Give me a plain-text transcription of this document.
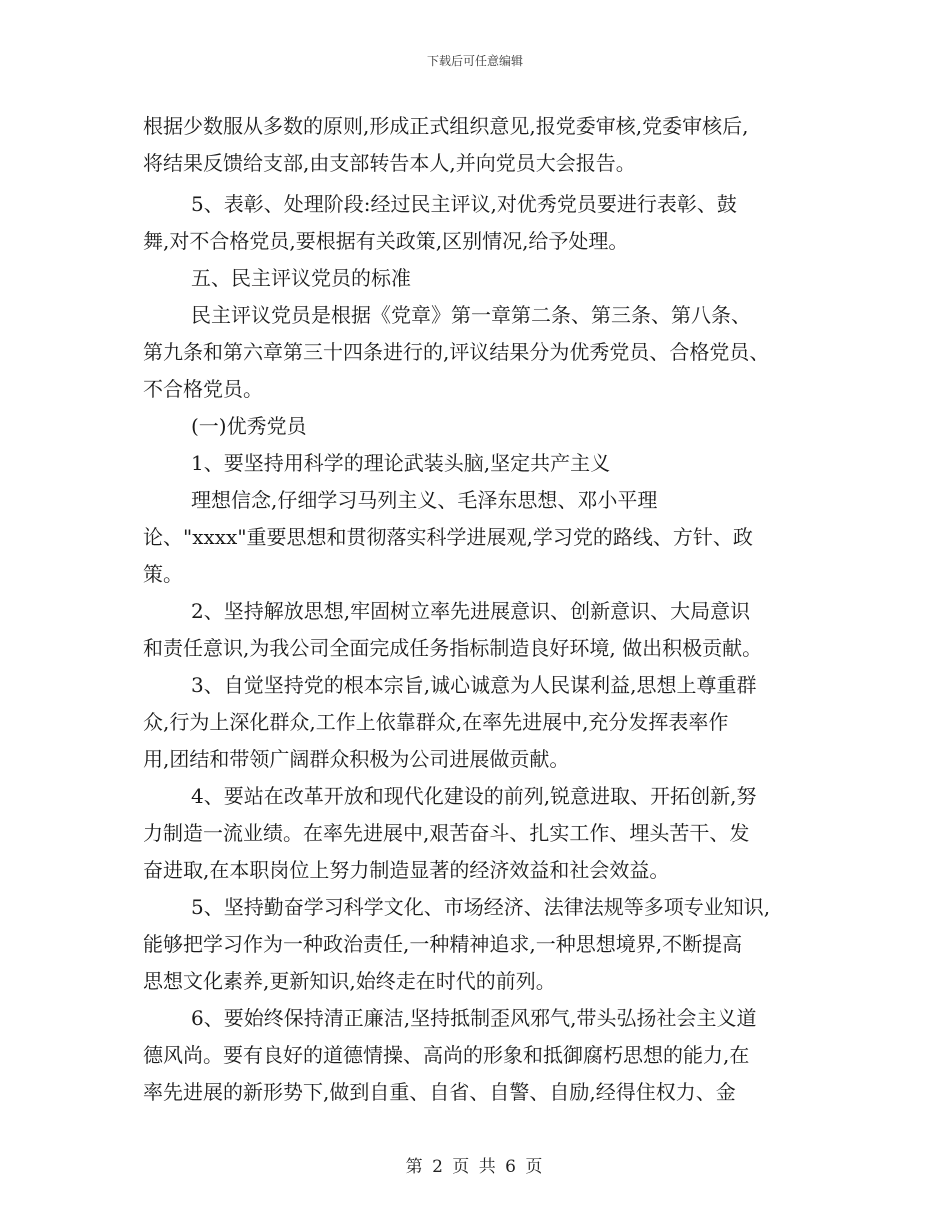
下载后可任意编辑
根据少数服从多数的原则,形成正式组织意见,报党委审核,党委审核后,
将结果反馈给支部,由支部转告本人,并向党员大会报告。
5、表彰、处理阶段:经过民主评议,对优秀党员要进行表彰、鼓
舞,对不合格党员,要根据有关政策,区别情况,给予处理。
五、民主评议党员的标准
民主评议党员是根据《党章》第一章第二条、第三条、第八条、
第九条和第六章第三十四条进行的,评议结果分为优秀党员、合格党员、
不合格党员。
(一)优秀党员
1、要坚持用科学的理论武装头脑,坚定共产主义
理想信念,仔细学习马列主义、毛泽东思想、邓小平理
论、"xxxx"重要思想和贯彻落实科学进展观,学习党的路线、方针、政
策。
2、坚持解放思想,牢固树立率先进展意识、创新意识、大局意识
和责任意识,为我公司全面完成任务指标制造良好环境, 做出积极贡献。
3、自觉坚持党的根本宗旨,诚心诚意为人民谋利益,思想上尊重群
众,行为上深化群众,工作上依靠群众,在率先进展中,充分发挥表率作
用,团结和带领广阔群众积极为公司进展做贡献。
4、要站在改革开放和现代化建设的前列,锐意进取、开拓创新,努
力制造一流业绩。在率先进展中,艰苦奋斗、扎实工作、埋头苦干、发
奋进取,在本职岗位上努力制造显著的经济效益和社会效益。
5、坚持勤奋学习科学文化、市场经济、法律法规等多项专业知识,
能够把学习作为一种政治责任,一种精神追求,一种思想境界,不断提高
思想文化素养,更新知识,始终走在时代的前列。
6、要始终保持清正廉洁,坚持抵制歪风邪气,带头弘扬社会主义道
德风尚。要有良好的道德情操、高尚的形象和抵御腐朽思想的能力,在
率先进展的新形势下,做到自重、自省、自警、自励,经得住权力、金
第 2 页 共 6 页
